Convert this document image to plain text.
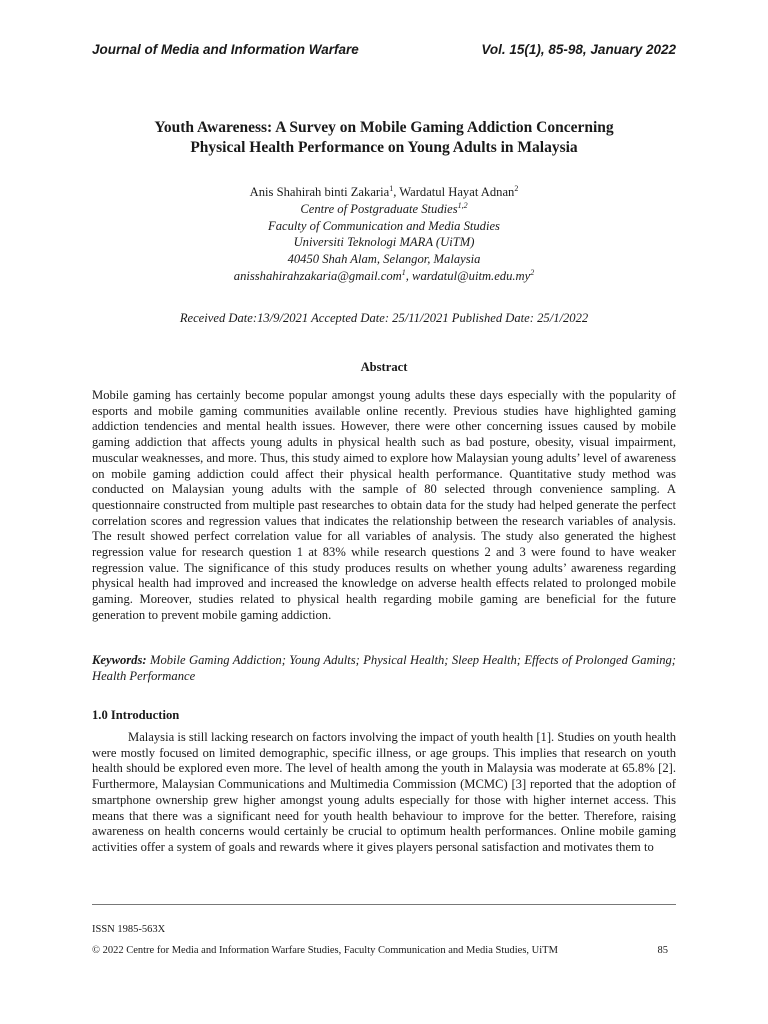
Journal of Media and Information Warfare	Vol. 15(1), 85-98, January 2022
Youth Awareness: A Survey on Mobile Gaming Addiction Concerning
Physical Health Performance on Young Adults in Malaysia
Anis Shahirah binti Zakaria$^1$, Wardatul Hayat Adnan$^2$
Centre of Postgraduate Studies$^{1,2}$
Faculty of Communication and Media Studies
Universiti Teknologi MARA (UiTM)
40450 Shah Alam, Selangor, Malaysia
anisshahirahzakaria@gmail.com$^1$, $wardatul@uitm.edu.my^2$
Received Date:13/9/2021 Accepted Date: 25/11/2021 Published Date: 25/1/2022
Abstract

Mobile gaming has certainly become popular amongst young adults these days especially with the popularity of esports and mobile gaming communities available online recently. Previous studies have highlighted gaming addiction tendencies and mental health issues. However, there were other concerning issues caused by mobile gaming addiction that affects young adults in physical health such as bad posture, obesity, visual impairment, muscular weaknesses, and more. Thus, this study aimed to explore how Malaysian young adults’ level of awareness on mobile gaming addiction could affect their physical health performance. Quantitative study method was conducted on Malaysian young adults with the sample of 80 selected through convenience sampling. A questionnaire constructed from multiple past researches to obtain data for the study had helped generate the perfect correlation scores and regression values that indicates the relationship between the research variables of analysis. The result showed perfect correlation value for all variables of analysis. The study also generated the highest regression value for research question 1 at 83% while research questions 2 and 3 were found to have weaker regression value. The significance of this study produces results on whether young adults’ awareness regarding physical health had improved and increased the knowledge on adverse health effects related to prolonged mobile gaming. Moreover, studies related to physical health regarding mobile gaming are beneficial for the future generation to prevent mobile gaming addiction.

Keywords: Mobile Gaming Addiction; Young Adults; Physical Health; Sleep Health; Effects of Prolonged Gaming; Health Performance

1.0 Introduction

Malaysia is still lacking research on factors involving the impact of youth health [1]. Studies on youth health were mostly focused on limited demographic, specific illness, or age groups. This implies that research on youth health should be explored even more. The level of health among the youth in Malaysia was moderate at 65.8% [2]. Furthermore, Malaysian Communications and Multimedia Commission (MCMC) [3] reported that the adoption of smartphone ownership grew higher amongst young adults especially for those with higher internet access. This means that there was a significant need for youth health behaviour to improve for the better. Therefore, raising awareness on health concerns would certainly be crucial to optimum health performances. Online mobile gaming activities offer a system of goals and rewards where it gives players personal satisfaction and motivates them to

ISSN 1985-563X
© 2022 Centre for Media and Information Warfare Studies, Faculty Communication and Media Studies, UiTM	85
